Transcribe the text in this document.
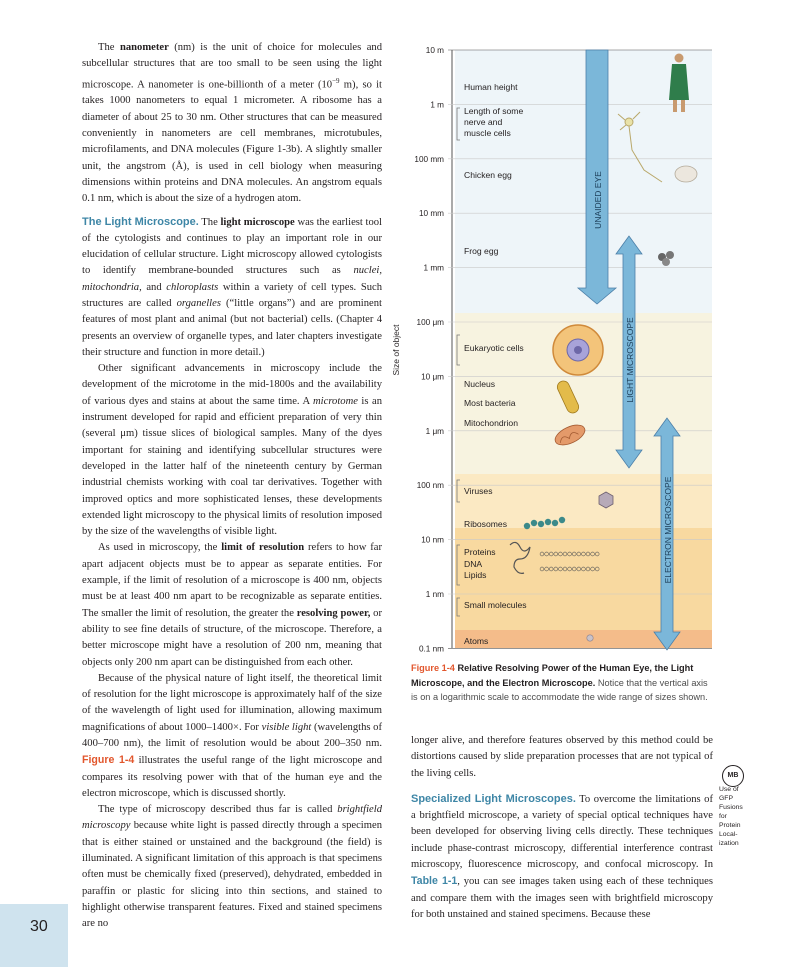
The nanometer (nm) is the unit of choice for molecules and subcellular structures that are too small to be seen using the light microscope. A nanometer is one-billionth of a meter ($10^{-9}$ m), so it takes 1000 nanometers to equal 1 micrometer. A ribosome has a diameter of about 25 to 30 nm. Other structures that can be measured conveniently in nanometers are cell membranes, microtubules, microfilaments, and DNA molecules (Figure 1-3b). A slightly smaller unit, the angstrom (Å), is used in cell biology when measuring dimensions within proteins and DNA molecules. An angstrom equals 0.1 nm, which is about the size of a hydrogen atom.

The Light Microscope. The light microscope was the earliest tool of the cytologists and continues to play an important role in our elucidation of cellular structure. Light microscopy allowed cytologists to identify membrane-bounded structures such as nuclei, mitochondria, and chloroplasts within a variety of cell types. Such structures are called organelles (“little organs”) and are prominent features of most plant and animal (but not bacterial) cells. (Chapter 4 presents an overview of organelle types, and later chapters investigate their structure and function in more detail.)

Other significant advancements in microscopy include the development of the microtome in the mid-1800s and the availability of various dyes and stains at about the same time. A microtome is an instrument developed for rapid and efficient preparation of very thin (several μm) tissue slices of biological samples. Many of the dyes important for staining and identifying subcellular structures were developed in the latter half of the nineteenth century by German industrial chemists working with coal tar derivatives. Together with improved optics and more sophisticated lenses, these developments extended light microscopy to the physical limits of resolution imposed by the size of the wavelengths of visible light.

As used in microscopy, the limit of resolution refers to how far apart adjacent objects must be to appear as separate entities. For example, if the limit of resolution of a microscope is 400 nm, objects must be at least 400 nm apart to be recognizable as separate entities. The smaller the limit of resolution, the greater the resolving power, or ability to see fine details of structure, of the microscope. Therefore, a better microscope might have a resolution of 200 nm, meaning that objects only 200 nm apart can be distinguished from each other.

Because of the physical nature of light itself, the theoretical limit of resolution for the light microscope is approximately half of the size of the wavelength of light used for illumination, allowing maximum magnifications of about 1000–1400×. For visible light (wavelengths of 400–700 nm), the limit of resolution would be about 200–350 nm. Figure 1-4 illustrates the useful range of the light microscope and compares its resolving power with that of the human eye and the electron microscope, which is discussed shortly.

The type of microscopy described thus far is called brightfield microscopy because white light is passed directly through a specimen that is either stained or unstained and the background (the field) is illuminated. A significant limitation of this approach is that specimens often must be chemically fixed (preserved), dehydrated, embedded in paraffin or plastic for slicing into thin sections, and stained to highlight otherwise transparent features. Fixed and stained specimens are no

Size of object
10 m
1 m
100 mm
10 mm
1 mm
100 μm
10 μm
1 μm
100 nm
10 nm
1 nm
0.1 nm
Human height
Length of some
nerve and
muscle cells
Chicken egg
Frog egg
Eukaryotic cells
Nucleus
Most bacteria
Mitochondrion
Viruses
Ribosomes
Proteins
DNA
Lipids
Small molecules
Atoms
UNAIDED EYE
LIGHT MICROSCOPE
ELECTRON MICROSCOPE
Figure 1-4 Relative Resolving Power of the Human Eye, the Light Microscope, and the Electron Microscope. Notice that the vertical axis is on a logarithmic scale to accommodate the wide range of sizes shown.

longer alive, and therefore features observed by this method could be distortions caused by slide preparation processes that are not typical of the living cells.

Specialized Light Microscopes. To overcome the limitations of a brightfield microscope, a variety of special optical techniques have been developed for observing living cells directly. These techniques include phase-contrast microscopy, differential interference contrast microscopy, fluorescence microscopy, and confocal microscopy. In Table 1-1, you can see images taken using each of these techniques and compare them with the images seen with brightfield microscopy for both unstained and stained specimens. Because these

MB
Use of
GFP
Fusions
for
Protein
Local-
ization
30
